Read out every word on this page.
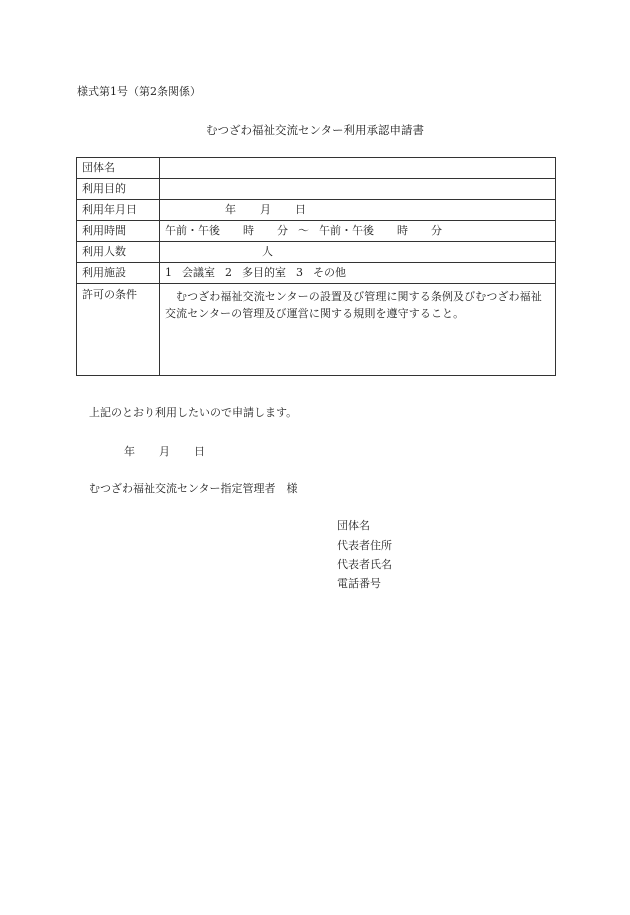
様式第1号（第2条関係）
むつざわ福祉交流センター利用承認申請書
団体名	
利用目的	
利用年月日	年 月 日
利用時間	午前・午後 時 分 ～ 午前・午後 時 分
利用人数	人
利用施設	1 会議室 2 多目的室 3 その他
許可の条件	むつざわ福祉交流センターの設置及び管理に関する条例及びむつざわ福祉交流センターの管理及び運営に関する規則を遵守すること。
上記のとおり利用したいので申請します。
年 月 日
むつざわ福祉交流センター指定管理者　様
団体名
代表者住所
代表者氏名
電話番号
